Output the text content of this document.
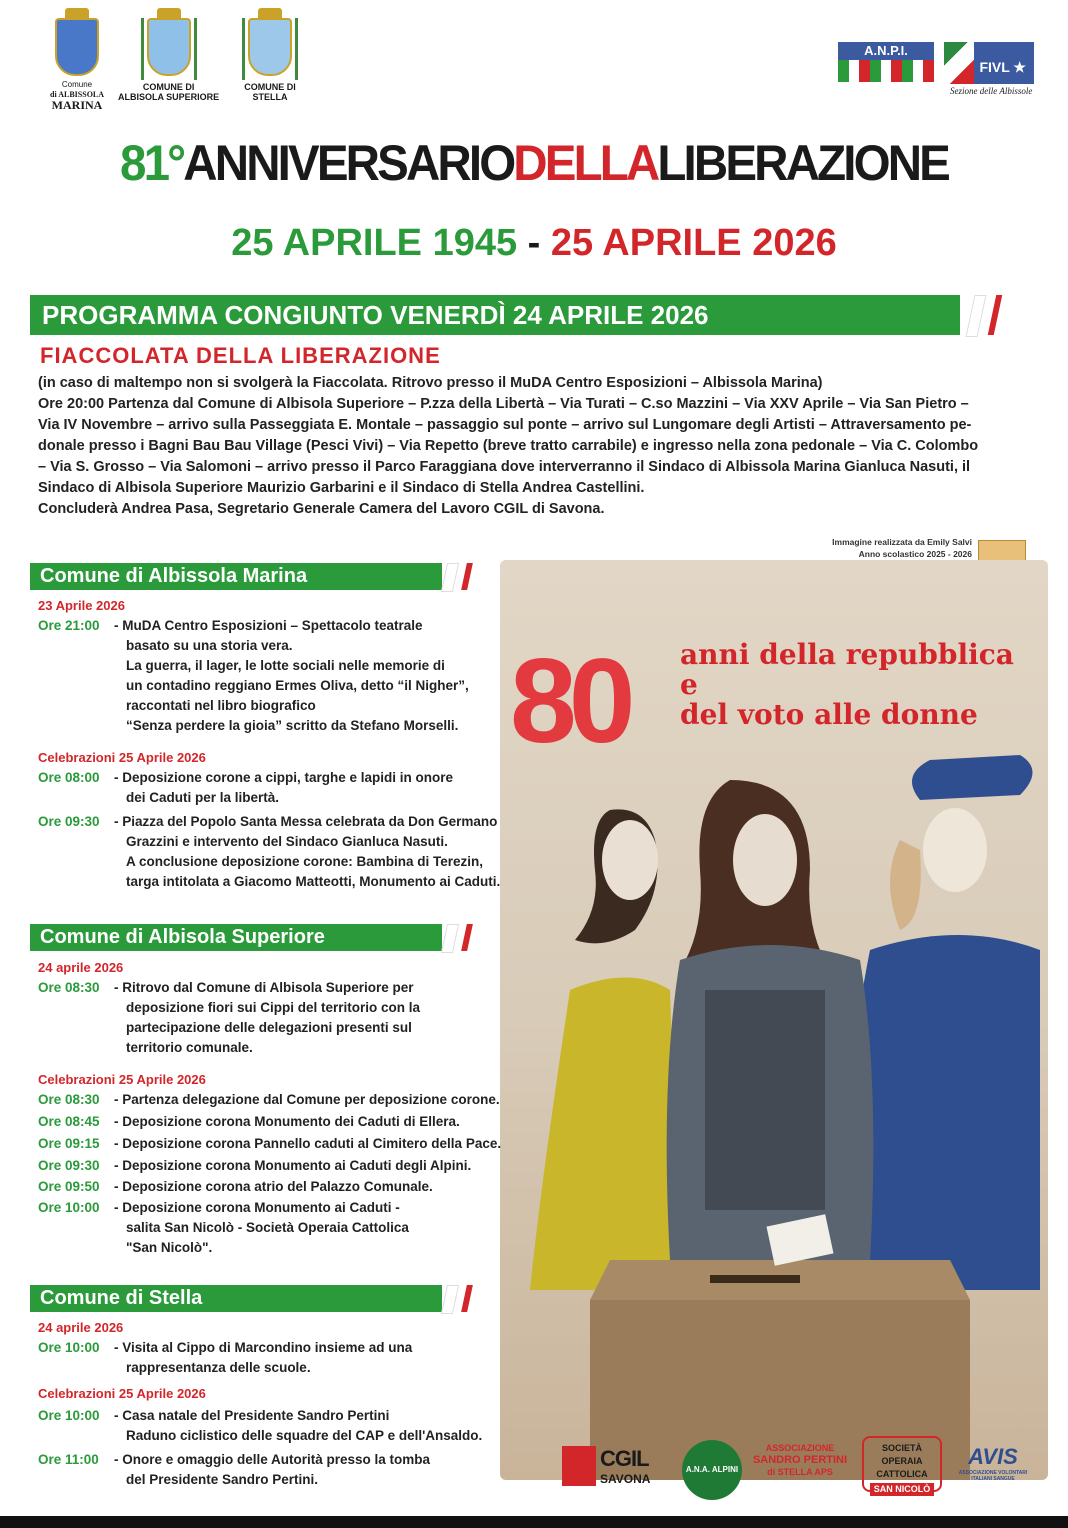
Comune
di ALBISSOLA
MARINA
COMUNE DI
ALBISOLA SUPERIORE
COMUNE DI
STELLA
A.N.P.I.
FIVL ★
Sezione delle Albissole
81°ANNIVERSARIODELLALIBERAZIONE
25 APRILE 1945 - 25 APRILE 2026
PROGRAMMA CONGIUNTO VENERDÌ 24 APRILE 2026
FIACCOLATA DELLA LIBERAZIONE

(in caso di maltempo non si svolgerà la Fiaccolata. Ritrovo presso il MuDA Centro Esposizioni – Albissola Marina)

Ore 20:00 Partenza dal Comune di Albisola Superiore – P.zza della Libertà – Via Turati – C.so Mazzini – Via XXV Aprile – Via San Pietro –

Via IV Novembre – arrivo sulla Passeggiata E. Montale – passaggio sul ponte – arrivo sul Lungomare degli Artisti – Attraversamento pe-

donale presso i Bagni Bau Bau Village (Pesci Vivi) – Via Repetto (breve tratto carrabile) e ingresso nella zona pedonale – Via C. Colombo

– Via S. Grosso – Via Salomoni – arrivo presso il Parco Faraggiana dove interverranno il Sindaco di Albissola Marina Gianluca Nasuti, il

Sindaco di Albisola Superiore Maurizio Garbarini e il Sindaco di Stella Andrea Castellini.

Concluderà Andrea Pasa, Segretario Generale Camera del Lavoro CGIL di Savona.

Immagine realizzata da Emily Salvi
Anno scolastico 2025 - 2026
80 anni della repubblica
e
del voto alle donne
Comune di Albissola Marina
23 Aprile 2026
Ore 21:00 - MuDA Centro Esposizioni – Spettacolo teatrale
basato su una storia vera.
La guerra, il lager, le lotte sociali nelle memorie di
un contadino reggiano Ermes Oliva, detto “il Nigher”,
raccontati nel libro biografico
“Senza perdere la gioia” scritto da Stefano Morselli.
Celebrazioni 25 Aprile 2026
Ore 08:00 - Deposizione corone a cippi, targhe e lapidi in onore
dei Caduti per la libertà.
Ore 09:30 - Piazza del Popolo Santa Messa celebrata da Don Germano
Grazzini e intervento del Sindaco Gianluca Nasuti.
A conclusione deposizione corone: Bambina di Terezin,
targa intitolata a Giacomo Matteotti, Monumento ai Caduti.
Comune di Albisola Superiore
24 aprile 2026
Ore 08:30 - Ritrovo dal Comune di Albisola Superiore per
deposizione fiori sui Cippi del territorio con la
partecipazione delle delegazioni presenti sul
territorio comunale.
Celebrazioni 25 Aprile 2026
Ore 08:30 - Partenza delegazione dal Comune per deposizione corone.
Ore 08:45 - Deposizione corona Monumento dei Caduti di Ellera.
Ore 09:15 - Deposizione corona Pannello caduti al Cimitero della Pace.
Ore 09:30 - Deposizione corona Monumento ai Caduti degli Alpini.
Ore 09:50 - Deposizione corona atrio del Palazzo Comunale.
Ore 10:00 - Deposizione corona Monumento ai Caduti -
salita San Nicolò - Società Operaia Cattolica
"San Nicolò".
Comune di Stella
24 aprile 2026
Ore 10:00 - Visita al Cippo di Marcondino insieme ad una
rappresentanza delle scuole.
Celebrazioni 25 Aprile 2026
Ore 10:00 - Casa natale del Presidente Sandro Pertini
Raduno ciclistico delle squadre del CAP e dell'Ansaldo.
Ore 11:00 - Onore e omaggio delle Autorità presso la tomba
del Presidente Sandro Pertini.
CGIL
SAVONA
A.N.A. ALPINI
ASSOCIAZIONE
SANDRO PERTINI
di STELLA APS
SOCIETÀ OPERAIA
CATTOLICA
SAN NICOLÒ
AVIS
ASSOCIAZIONE VOLONTARI ITALIANI SANGUE
